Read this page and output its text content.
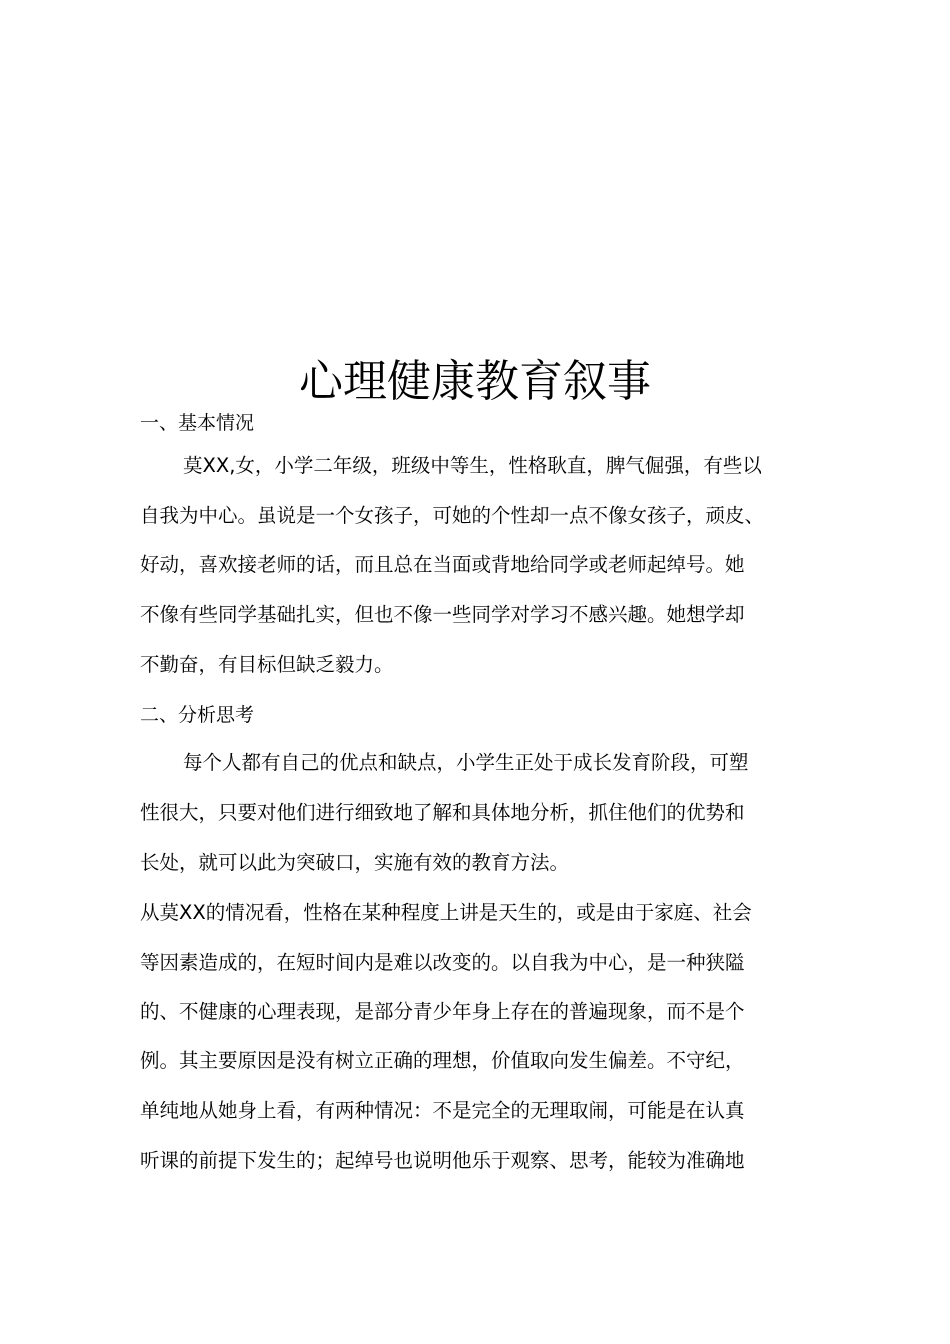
心理健康教育叙事
一、基本情况

莫XX,女，小学二年级，班级中等生，性格耿直，脾气倔强，有些以

自我为中心。虽说是一个女孩子，可她的个性却一点不像女孩子，顽皮、

好动，喜欢接老师的话，而且总在当面或背地给同学或老师起绰号。她

不像有些同学基础扎实，但也不像一些同学对学习不感兴趣。她想学却

不勤奋，有目标但缺乏毅力。

二、分析思考

每个人都有自己的优点和缺点，小学生正处于成长发育阶段，可塑

性很大，只要对他们进行细致地了解和具体地分析，抓住他们的优势和

长处，就可以此为突破口，实施有效的教育方法。

从莫XX的情况看，性格在某种程度上讲是天生的，或是由于家庭、社会

等因素造成的，在短时间内是难以改变的。以自我为中心，是一种狭隘

的、不健康的心理表现，是部分青少年身上存在的普遍现象，而不是个

例。其主要原因是没有树立正确的理想，价值取向发生偏差。不守纪，

单纯地从她身上看，有两种情况：不是完全的无理取闹，可能是在认真

听课的前提下发生的；起绰号也说明他乐于观察、思考，能较为准确地
